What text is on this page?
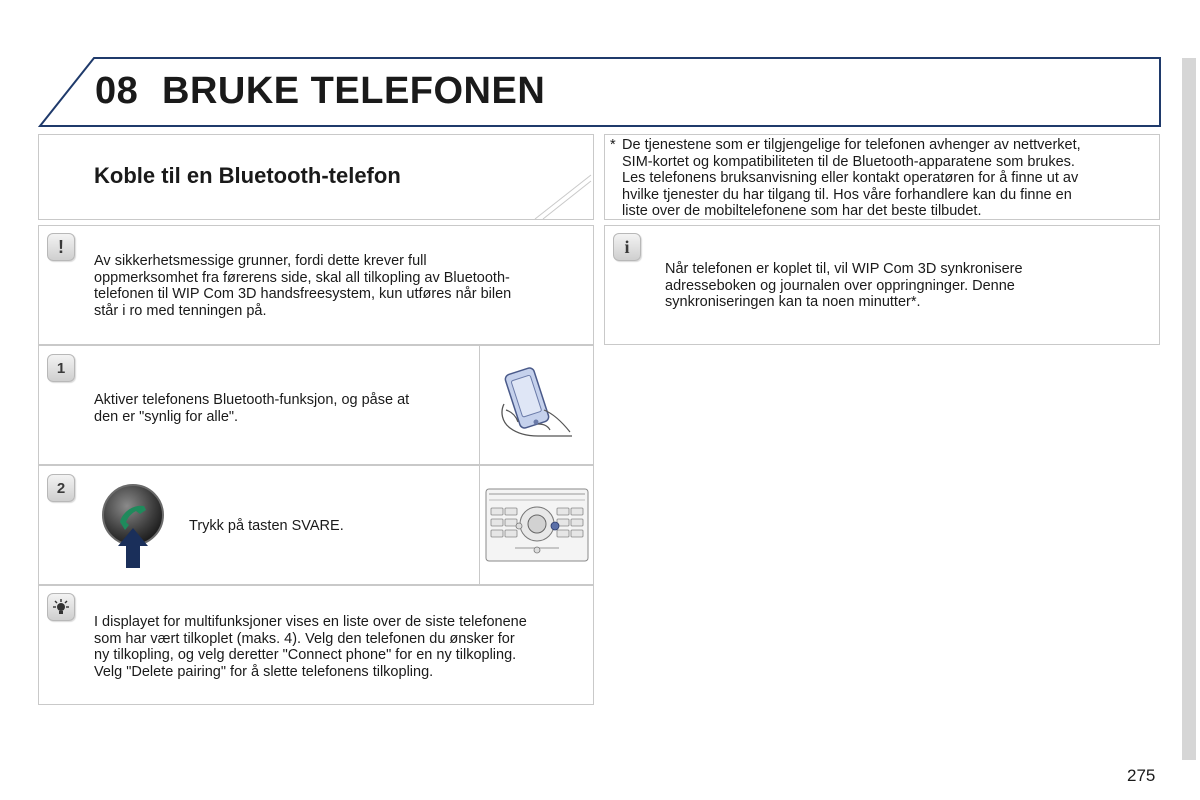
08 BRUKE TELEFONEN
Koble til en Bluetooth-telefon
* De tjenestene som er tilgjengelige for telefonen avhenger av nettverket,
SIM-kortet og kompatibiliteten til de Bluetooth-apparatene som brukes.
Les telefonens bruksanvisning eller kontakt operatøren for å finne ut av
hvilke tjenester du har tilgang til. Hos våre forhandlere kan du finne en
liste over de mobiltelefonene som har det beste tilbudet.
!
Av sikkerhetsmessige grunner, fordi dette krever full
oppmerksomhet fra førerens side, skal all tilkopling av Bluetooth-
telefonen til WIP Com 3D handsfreesystem, kun utføres når bilen
står i ro med tenningen på.
1
Aktiver telefonens Bluetooth-funksjon, og påse at
den er "synlig for alle".
2
Trykk på tasten SVARE.
I displayet for multifunksjoner vises en liste over de siste telefonene
som har vært tilkoplet (maks. 4). Velg den telefonen du ønsker for
ny tilkopling, og velg deretter "Connect phone" for en ny tilkopling.
Velg "Delete pairing" for å slette telefonens tilkopling.
i
Når telefonen er koplet til, vil WIP Com 3D synkronisere
adresseboken og journalen over oppringninger. Denne
synkroniseringen kan ta noen minutter*.
275
